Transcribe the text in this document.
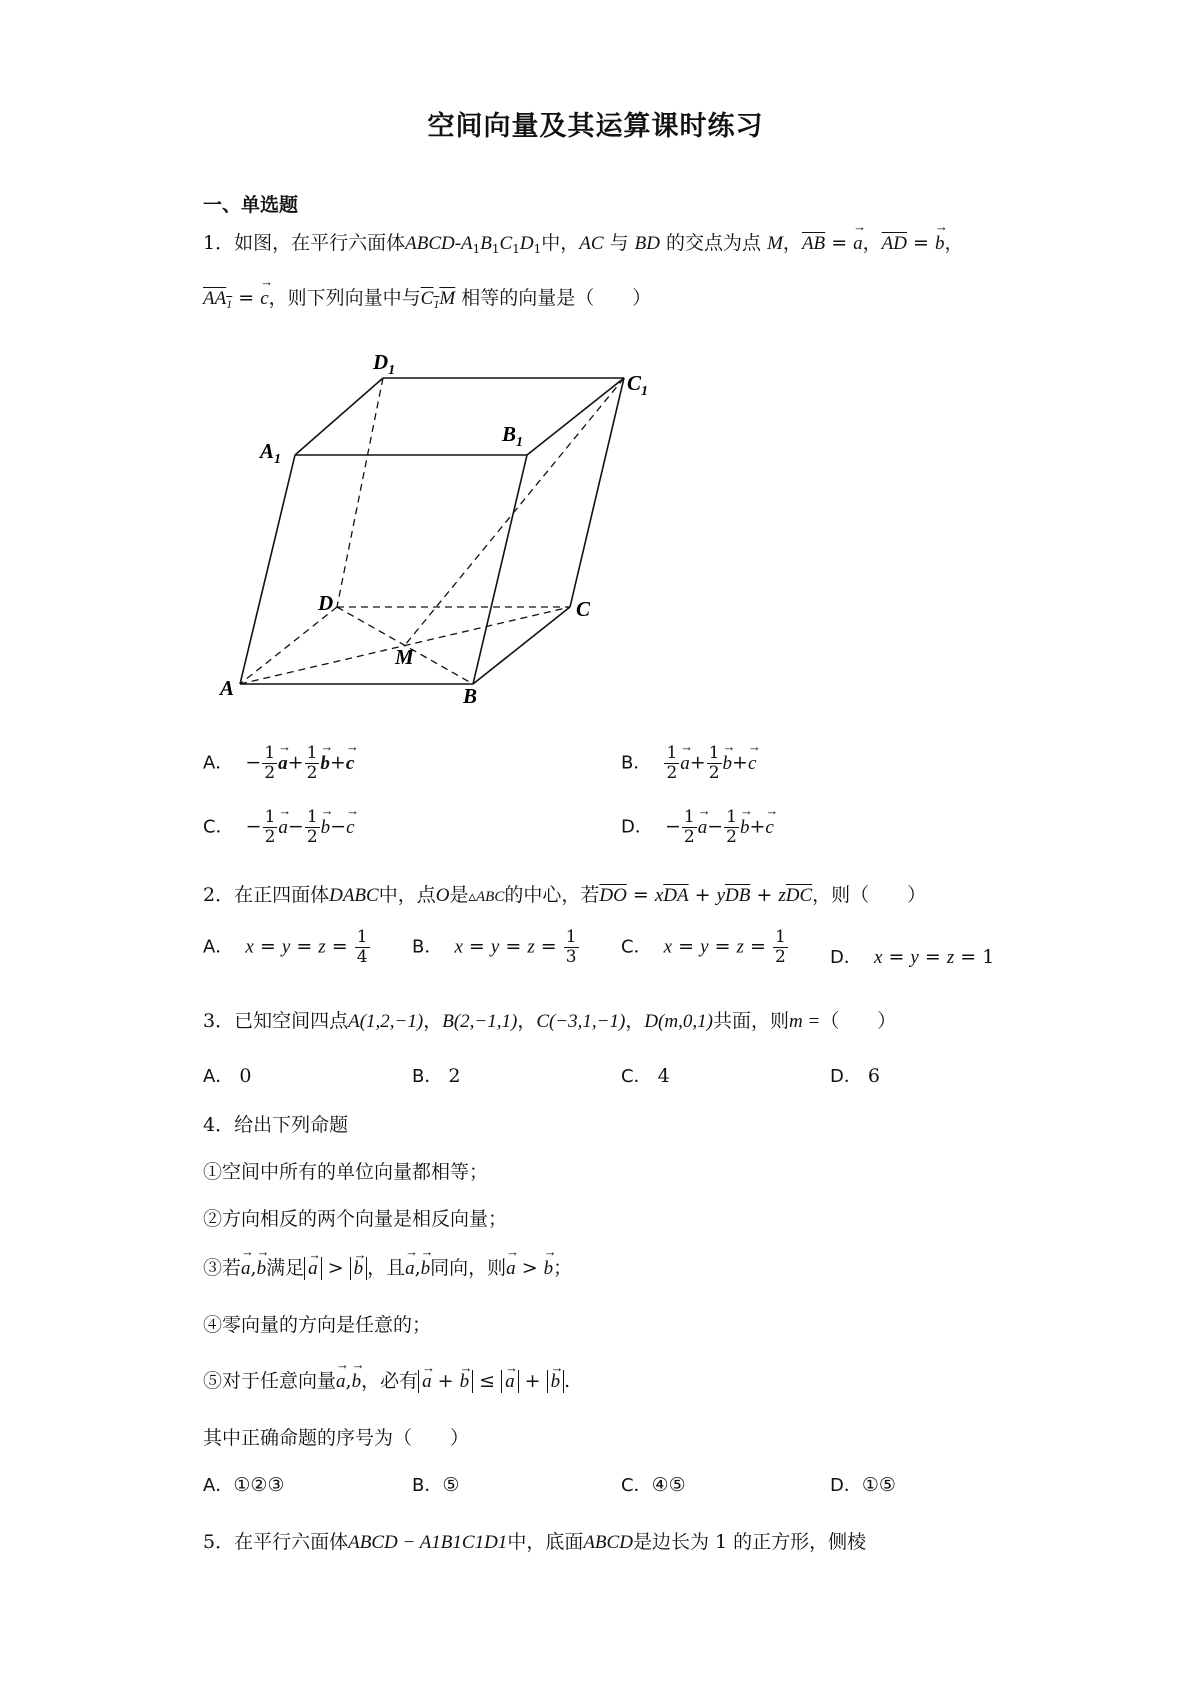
空间向量及其运算课时练习
一、单选题
1．如图，在平行六面体ABCD-$A_1B_1C_1D_1$中，AC 与 BD 的交点为点 M，$\overline{AB}$ = → a，$\overline{AD}$ = → b，
$AA_1$ = → c，则下列向量中与$C_1M$ 相等的向量是（　　）
$D_1$
$C_1$
$A_1$
$B_1$
D	C
M
A	B
A． − $\frac{1}{2} \to a+ \frac{1}{2} \to b+\to c$	B． $\frac{1}{2} \to a+ \frac{1}{2} \to b+\to c$
C． − $\frac{1}{2} \to a- \frac{1}{2} \to b-\to c$	D． − $\frac{1}{2} \to a- \frac{1}{2} \to b+\to c$
2．在正四面体DABC中，点O是▵ABC的中心，若$\overline{DO} = x\overline{DA} + y\overline{DB} + z\overline{DC}$，则（　　）
A． $x = y = z = \frac{1}{4}$ B． $x = y = z = \frac{1}{3}$ C． $x = y = z = \frac{1}{2}$ D． x = y = z = 1
3．已知空间四点A(1,2,−1)，B(2,−1,1)，C(−3,1,−1)，D(m,0,1)共面，则m =（　　）
A． 0	B． 2	C． 4	D． 6
4．给出下列命题
①空间中所有的单位向量都相等；
②方向相反的两个向量是相反向量；
③若→ a,→ b满足 → a > → b ，且→ a,→ b同向，则→ a > → b；
④零向量的方向是任意的；
⑤对于任意向量→ a,→ b，必有 → a + → b ≤ → a + → b .
其中正确命题的序号为（　　）
A．①②③	B．⑤	C．④⑤	D．①⑤
5．在平行六面体ABCD − A1B1C1D1中，底面ABCD是边长为 1 的正方形，侧棱
